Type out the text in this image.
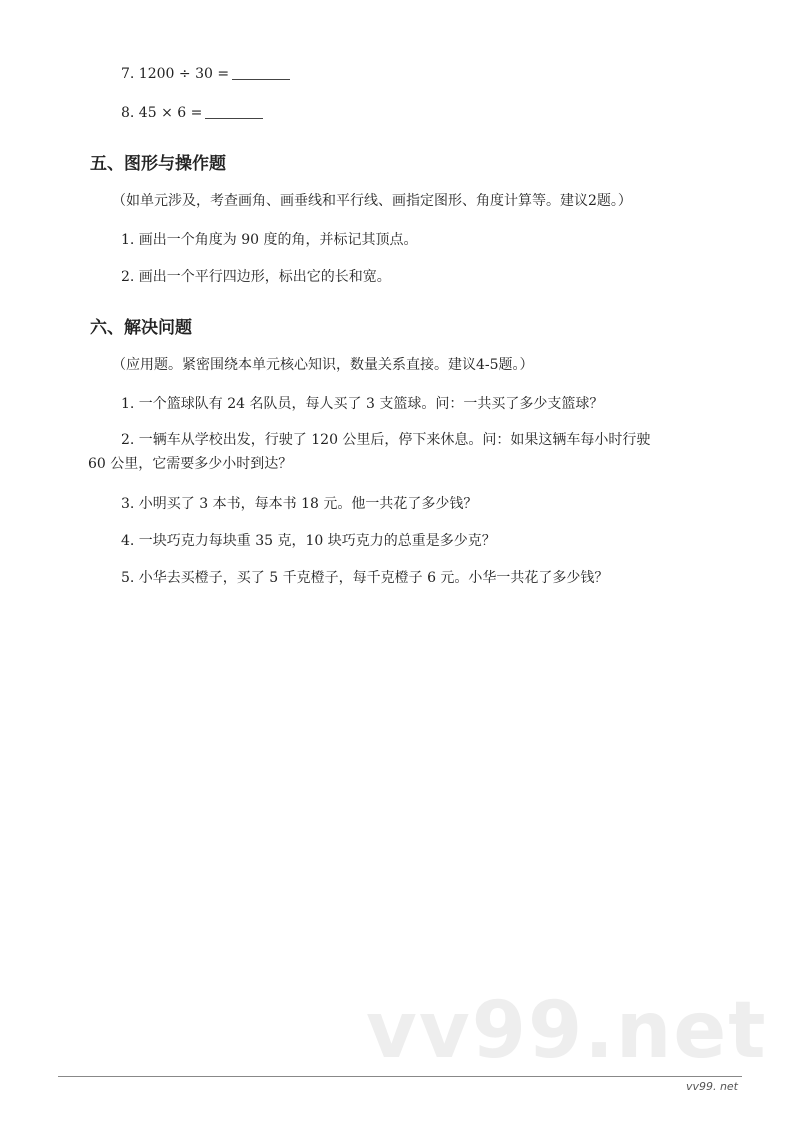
7. 1200 ÷ 30 =
8. 45 × 6 =
五、图形与操作题
（如单元涉及，考查画角、画垂线和平行线、画指定图形、角度计算等。建议2题。）
1. 画出一个角度为 90 度的角，并标记其顶点。
2. 画出一个平行四边形，标出它的长和宽。
六、解决问题
（应用题。紧密围绕本单元核心知识，数量关系直接。建议4-5题。）
1. 一个篮球队有 24 名队员，每人买了 3 支篮球。问：一共买了多少支篮球？
2. 一辆车从学校出发，行驶了 120 公里后，停下来休息。问：如果这辆车每小时行驶
60 公里，它需要多少小时到达？
3. 小明买了 3 本书，每本书 18 元。他一共花了多少钱？
4. 一块巧克力每块重 35 克，10 块巧克力的总重是多少克？
5. 小华去买橙子，买了 5 千克橙子，每千克橙子 6 元。小华一共花了多少钱？
vv99.net
vv99. net
